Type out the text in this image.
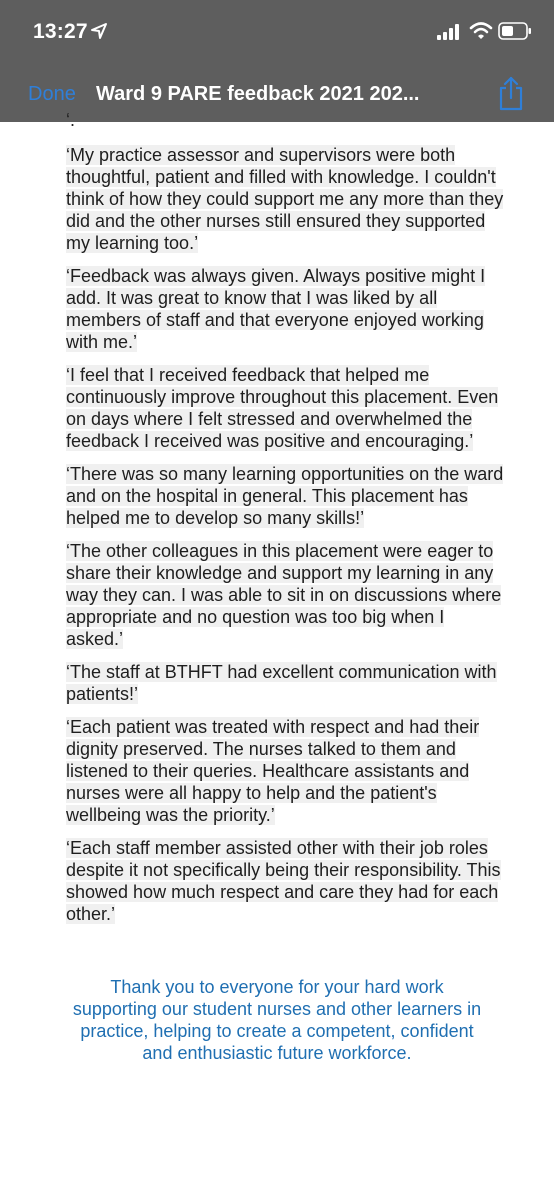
13:27
Done Ward 9 PARE feedback 2021 202...
‘.

‘My practice assessor and supervisors were both thoughtful, patient and filled with knowledge. I couldn't think of how they could support me any more than they did and the other nurses still ensured they supported my learning too.’

‘Feedback was always given. Always positive might I add. It was great to know that I was liked by all members of staff and that everyone enjoyed working with me.’

‘I feel that I received feedback that helped me continuously improve throughout this placement. Even on days where I felt stressed and overwhelmed the feedback I received was positive and encouraging.’

‘There was so many learning opportunities on the ward and on the hospital in general. This placement has helped me to develop so many skills!’

‘The other colleagues in this placement were eager to share their knowledge and support my learning in any way they can. I was able to sit in on discussions where appropriate and no question was too big when I asked.’

‘The staff at BTHFT had excellent communication with patients!’

‘Each patient was treated with respect and had their dignity preserved. The nurses talked to them and listened to their queries. Healthcare assistants and nurses were all happy to help and the patient's wellbeing was the priority.’

‘Each staff member assisted other with their job roles despite it not specifically being their responsibility. This showed how much respect and care they had for each other.’

Thank you to everyone for your hard work supporting our student nurses and other learners in practice, helping to create a competent, confident and enthusiastic future workforce.
